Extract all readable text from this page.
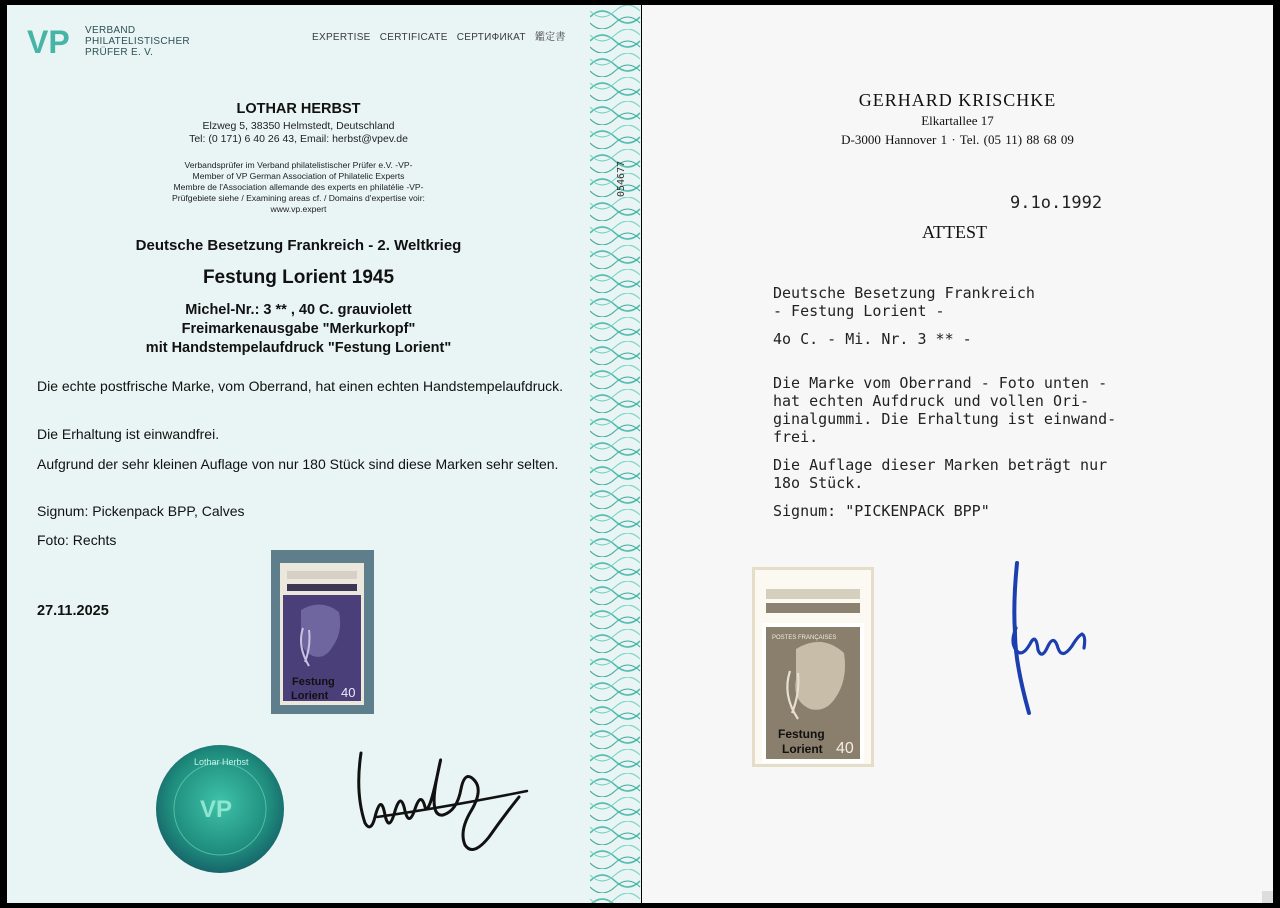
VP VERBAND
PHILATELISTISCHER
PRÜFER E. V.
EXPERTISE CERTIFICATE СЕРТИФИКАТ 鑑定書
LOTHAR HERBST
Elzweg 5, 38350 Helmstedt, Deutschland
Tel: (0 171) 6 40 26 43, Email: herbst@vpev.de
Verbandsprüfer im Verband philatelistischer Prüfer e.V. -VP-
Member of VP German Association of Philatelic Experts
Membre de l'Association allemande des experts en philatélie -VP-
Prüfgebiete siehe / Examining areas cf. / Domains d'expertise voir:
www.vp.expert
Deutsche Besetzung Frankreich - 2. Weltkrieg
Festung Lorient 1945
Michel-Nr.: 3 ** , 40 C. grauviolett
Freimarkenausgabe "Merkurkopf"
mit Handstempelaufdruck "Festung Lorient"
Die echte postfrische Marke, vom Oberrand, hat einen echten Handstempelaufdruck.
Die Erhaltung ist einwandfrei.
Aufgrund der sehr kleinen Auflage von nur 180 Stück sind diese Marken sehr selten.
Signum: Pickenpack BPP, Calves
Foto: Rechts
27.11.2025
Festung
Lorient 40
VP
Lothar Herbst
054677
GERHARD KRISCHKE
Elkartallee 17
D-3000 Hannover 1 · Tel. (05 11) 88 68 09
9.1o.1992
ATTEST
Deutsche Besetzung Frankreich
- Festung Lorient -
4o C. - Mi. Nr. 3 ** -
Die Marke vom Oberrand - Foto unten -
hat echten Aufdruck und vollen Ori-
ginalgummi. Die Erhaltung ist einwand-
frei.
Die Auflage dieser Marken beträgt nur
18o Stück.
Signum: "PICKENPACK BPP"
POSTES FRANÇAISES
Festung
Lorient 40
